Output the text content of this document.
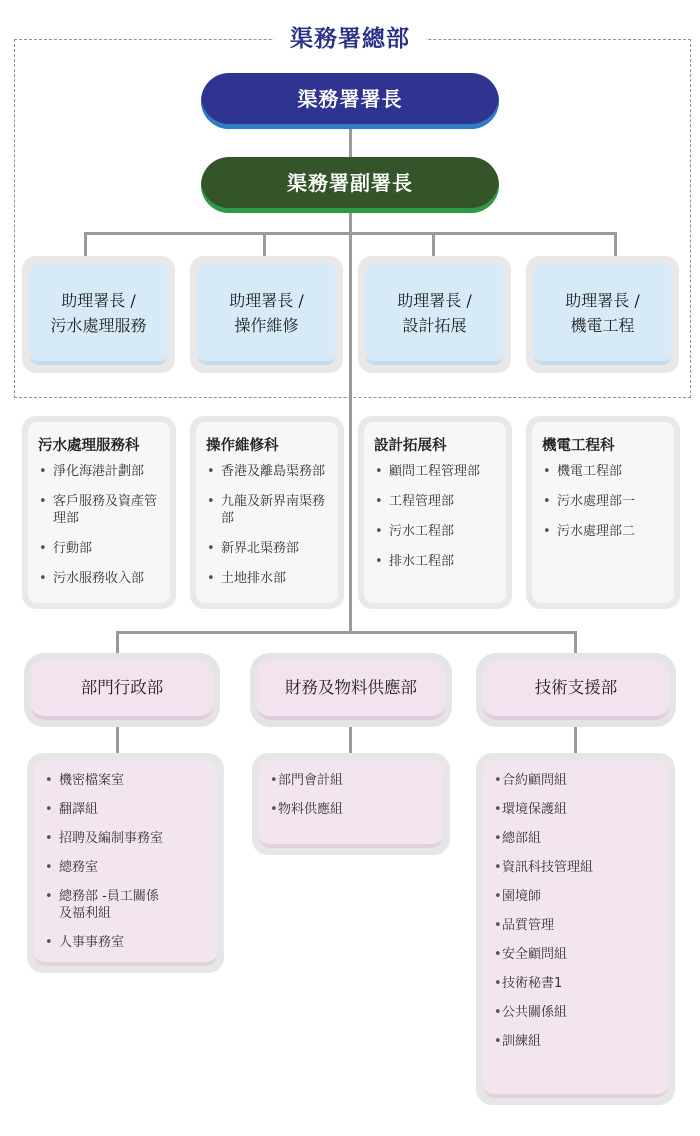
渠務署總部
渠務署署長
渠務署副署長
助理署長 /
污水處理服務
助理署長 /
操作維修
助理署長 /
設計拓展
助理署長 /
機電工程
污水處理服務科
• 淨化海港計劃部
• 客戶服務及資產管理部
• 行動部
• 污水服務收入部
操作維修科
• 香港及離島渠務部
• 九龍及新界南渠務部
• 新界北渠務部
• 土地排水部
設計拓展科
• 顧問工程管理部
• 工程管理部
• 污水工程部
• 排水工程部
機電工程科
• 機電工程部
• 污水處理部一
• 污水處理部二
部門行政部	財務及物料供應部	技術支援部
• 機密檔案室
• 翻譯組
• 招聘及編制事務室
• 總務室
• 總務部 -員工關係及福利組
• 人事事務室
• 部門會計組
• 物料供應組
• 合約顧問組
• 環境保護組
• 總部組
• 資訊科技管理組
• 園境師
• 品質管理
• 安全顧問組
• 技術秘書1
• 公共關係組
• 訓練組
